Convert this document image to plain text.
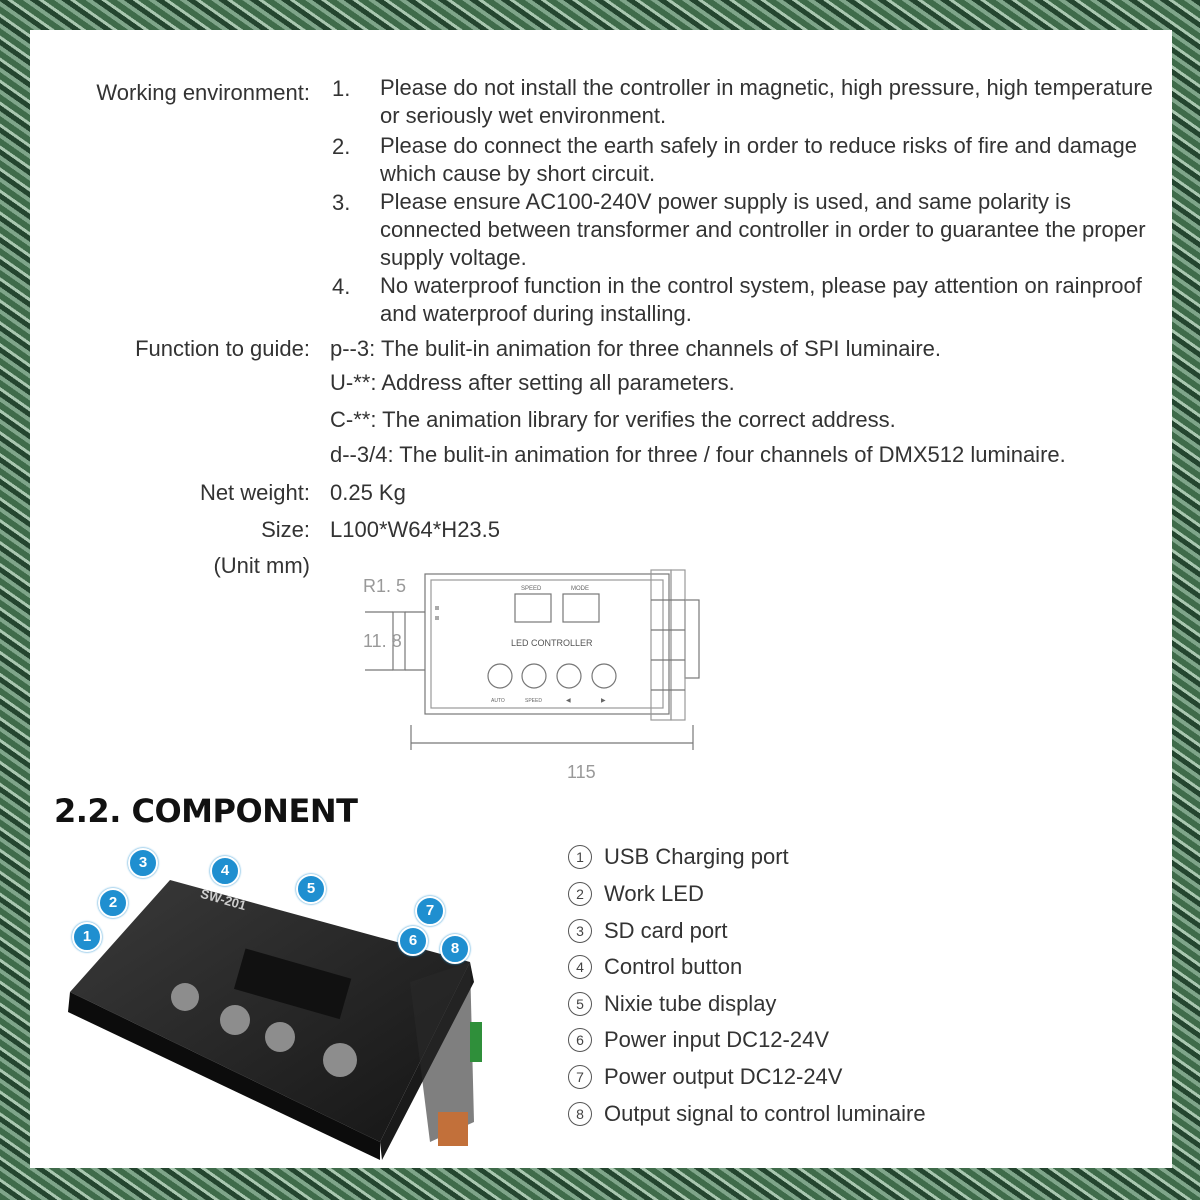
Working environment: 1. Please do not install the controller in magnetic, high pressure, high temperature or seriously wet environment.
2. Please do connect the earth safely in order to reduce risks of fire and damage which cause by short circuit.
3. Please ensure AC100-240V power supply is used, and same polarity is connected between transformer and controller in order to guarantee the proper supply voltage.
4. No waterproof function in the control system, please pay attention on rainproof and waterproof during installing.
Function to guide: p--3: The bulit-in animation for three channels of SPI luminaire.
U-**: Address after setting all parameters.
C-**: The animation library for verifies the correct address.
d--3/4: The bulit-in animation for three / four channels of DMX512 luminaire.
Net weight: 0.25 Kg
Size: L100*W64*H23.5
(Unit mm)
R1. 5
11. 8
115
SPEED	MODE
LED CONTROLLER
AUTO	SPEED	◀	▶
2.2. COMPONENT
SW-201
1
2
3	4
5
6
7
8
1 USB Charging port
2 Work LED
3 SD card port
4 Control button
5 Nixie tube display
6 Power input DC12-24V
7 Power output DC12-24V
8 Output signal to control luminaire
